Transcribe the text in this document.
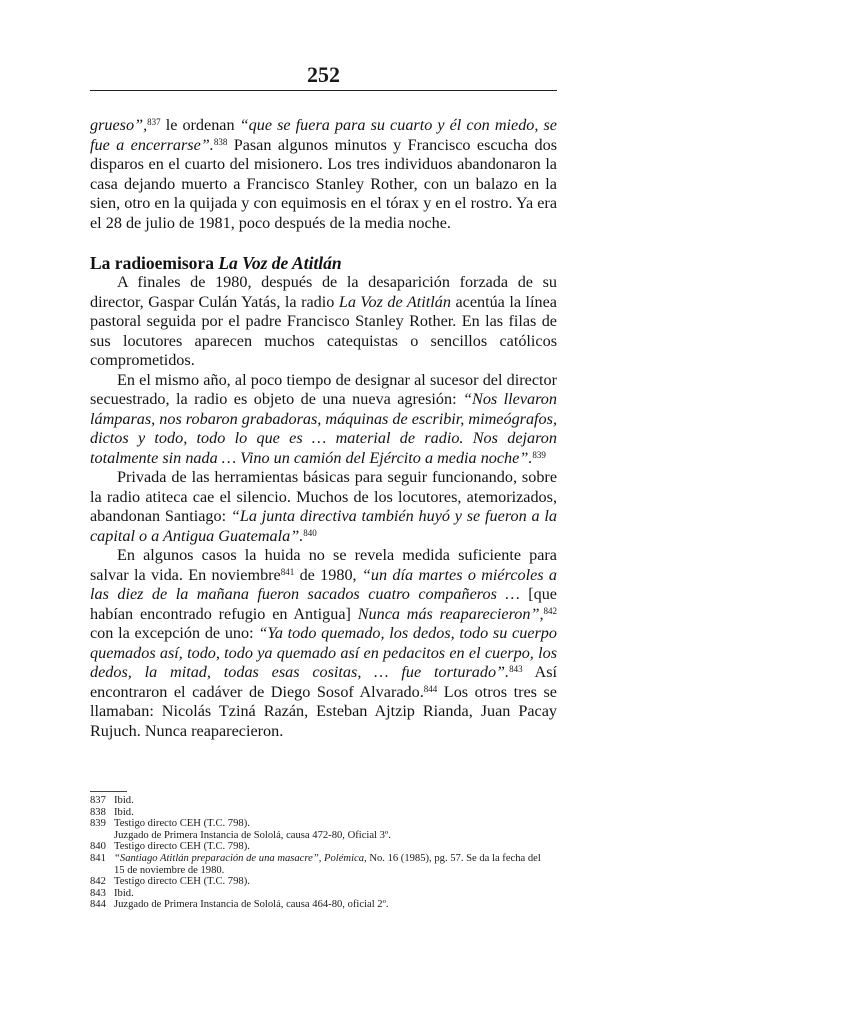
252

grueso”,$^{837}$ le ordenan “que se fuera para su cuarto y él con miedo, se fue a encerrarse”.$^{838}$ Pasan algunos minutos y Francisco escucha dos disparos en el cuarto del misionero. Los tres individuos abandonaron la casa dejando muerto a Francisco Stanley Rother, con un balazo en la sien, otro en la quijada y con equimosis en el tórax y en el rostro. Ya era el 28 de julio de 1981, poco después de la media noche.

La radioemisora La Voz de Atitlán

A finales de 1980, después de la desaparición forzada de su director, Gaspar Culán Yatás, la radio La Voz de Atitlán acentúa la línea pastoral seguida por el padre Francisco Stanley Rother. En las filas de sus locutores aparecen muchos catequistas o sencillos católicos comprometidos.

En el mismo año, al poco tiempo de designar al sucesor del director secuestrado, la radio es objeto de una nueva agresión: “Nos llevaron lámparas, nos robaron grabadoras, máquinas de escribir, mimeógrafos, dictos y todo, todo lo que es … material de radio. Nos dejaron totalmente sin nada … Vino un camión del Ejército a media noche”.$^{839}$

Privada de las herramientas básicas para seguir funcionando, sobre la radio atiteca cae el silencio. Muchos de los locutores, atemorizados, abandonan Santiago: “La junta directiva también huyó y se fueron a la capital o a Antigua Guatemala”.$^{840}$

En algunos casos la huida no se revela medida suficiente para salvar la vida. En noviembre$^{841}$ de 1980, “un día martes o miércoles a las diez de la mañana fueron sacados cuatro compañeros … [que habían encontrado refugio en Antigua] Nunca más reaparecieron”,$^{842}$ con la excepción de uno: “Ya todo quemado, los dedos, todo su cuerpo quemados así, todo, todo ya quemado así en pedacitos en el cuerpo, los dedos, la mitad, todas esas cositas, … fue torturado”.$^{843}$ Así encontraron el cadáver de Diego Sosof Alvarado.$^{844}$ Los otros tres se llamaban: Nicolás Tziná Razán, Esteban Ajtzip Rianda, Juan Pacay Rujuch. Nunca reaparecieron.

837 Ibid.
838 Ibid.
839 Testigo directo CEH (T.C. 798).
Juzgado de Primera Instancia de Sololá, causa 472-80, Oficial 3º.
840 Testigo directo CEH (T.C. 798).
841 “Santiago Atitlán preparación de una masacre”, Polémica, No. 16 (1985), pg. 57. Se da la fecha del
15 de noviembre de 1980.
842 Testigo directo CEH (T.C. 798).
843 Ibid.
844 Juzgado de Primera Instancia de Sololá, causa 464-80, oficial 2º.
